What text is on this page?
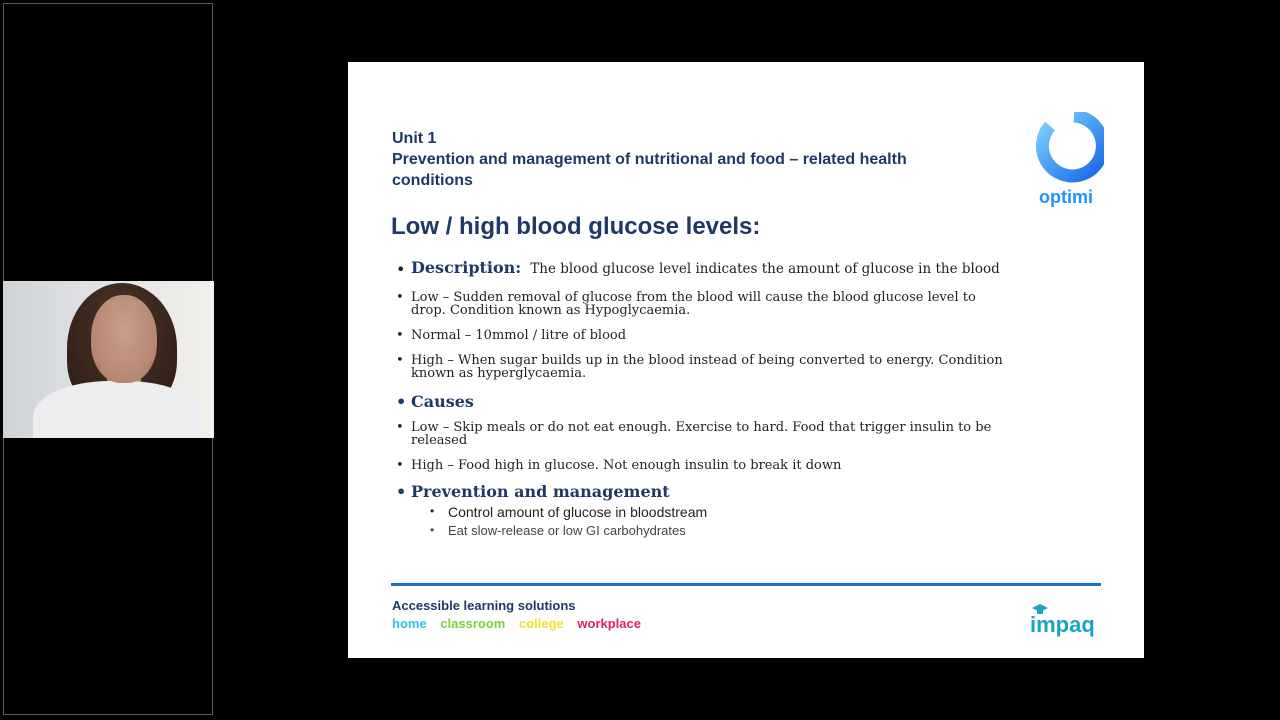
Unit 1
Prevention and management of nutritional and food – related health
conditions
optimi
Low / high blood glucose levels:
• Description: The blood glucose level indicates the amount of glucose in the blood
• Low – Sudden removal of glucose from the blood will cause the blood glucose level to
drop. Condition known as Hypoglycaemia.
• Normal – 10mmol / litre of blood
• High – When sugar builds up in the blood instead of being converted to energy. Condition
known as hyperglycaemia.
• Causes
• Low – Skip meals or do not eat enough. Exercise to hard. Food that trigger insulin to be
released
• High – Food high in glucose. Not enough insulin to break it down
• Prevention and management
• Control amount of glucose in bloodstream
• Eat slow-release or low GI carbohydrates
Accessible learning solutions
home classroom college workplace	impaq
